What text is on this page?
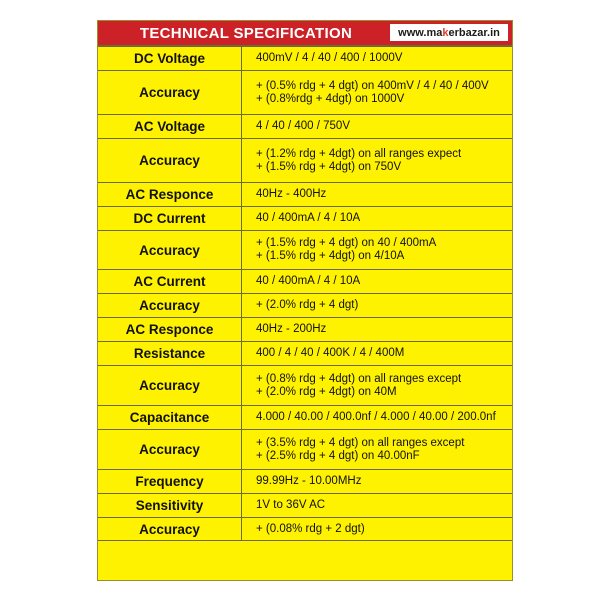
TECHNICAL SPECIFICATION	www.ma k erbazar.in
DC Voltage	400mV / 4 / 40 / 400 / 1000V

Accuracy	+ (0.5% rdg + 4 dgt) on 400mV / 4 / 40 / 400V
+ (0.8%rdg + 4dgt) on 1000V

AC Voltage	4 / 40 / 400 / 750V

Accuracy	+ (1.2% rdg + 4dgt) on all ranges expect
+ (1.5% rdg + 4dgt) on 750V

AC Responce	40Hz - 400Hz

DC Current	40 / 400mA / 4 / 10A

Accuracy	+ (1.5% rdg + 4 dgt) on 40 / 400mA
+ (1.5% rdg + 4dgt) on 4/10A

AC Current	40 / 400mA / 4 / 10A

Accuracy	+ (2.0% rdg + 4 dgt)

AC Responce	40Hz - 200Hz

Resistance	400 / 4 / 40 / 400K / 4 / 400M

Accuracy	+ (0.8% rdg + 4dgt) on all ranges except
+ (2.0% rdg + 4dgt) on 40M

Capacitance	4.000 / 40.00 / 400.0nf / 4.000 / 40.00 / 200.0nf

Accuracy	+ (3.5% rdg + 4 dgt) on all ranges except
+ (2.5% rdg + 4 dgt) on 40.00nF

Frequency	99.99Hz - 10.00MHz

Sensitivity	1V to 36V AC

Accuracy	+ (0.08% rdg + 2 dgt)
